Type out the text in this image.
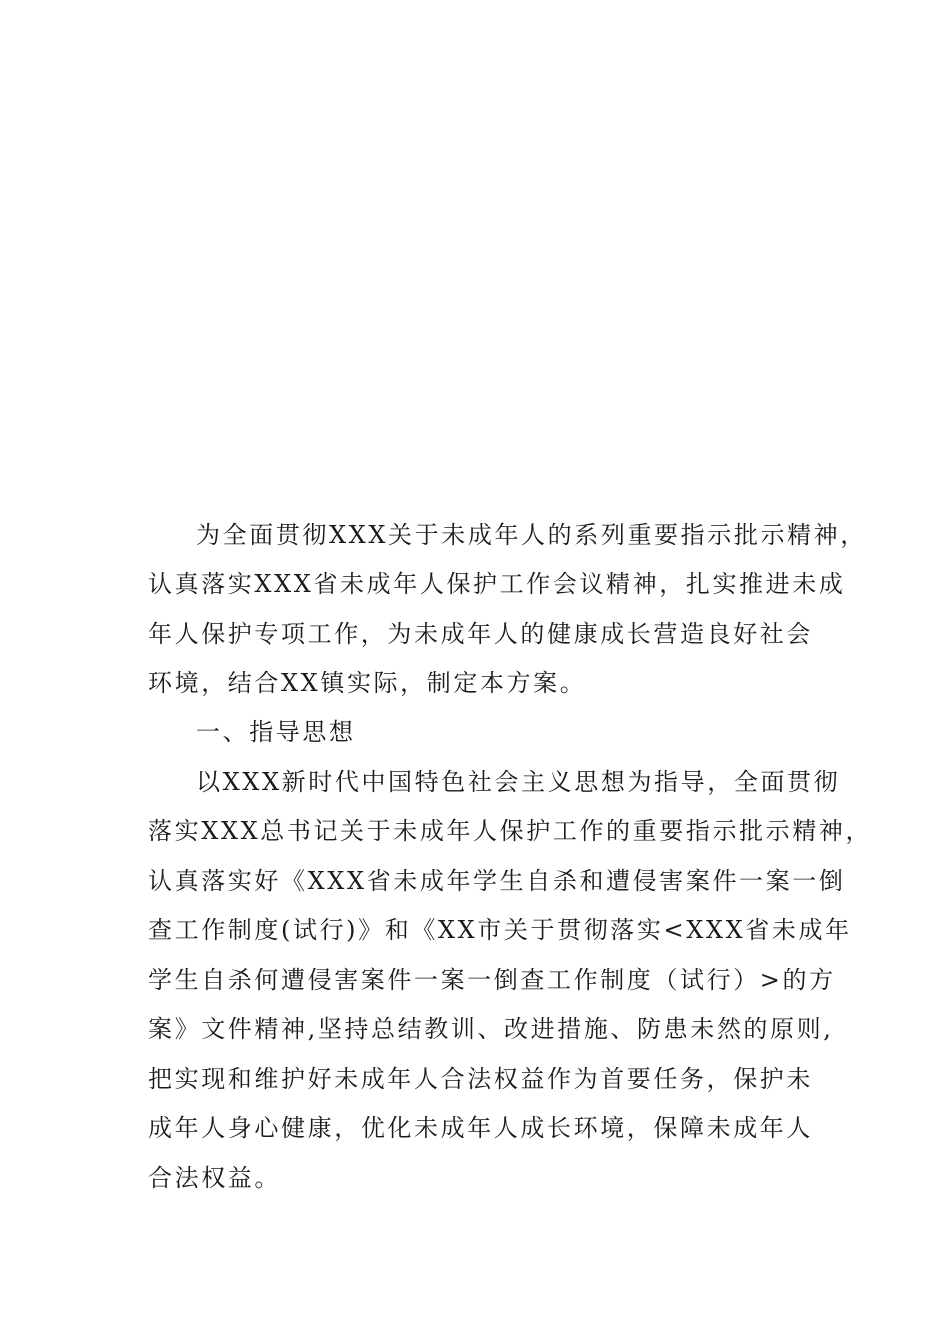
为全面贯彻XXX关于未成年人的系列重要指示批示精神，
认真落实XXX省未成年人保护工作会议精神，扎实推进未成
年人保护专项工作，为未成年人的健康成长营造良好社会
环境，结合XX镇实际，制定本方案。
一、指导思想
以XXX新时代中国特色社会主义思想为指导，全面贯彻
落实XXX总书记关于未成年人保护工作的重要指示批示精神，
认真落实好《XXX省未成年学生自杀和遭侵害案件一案一倒
查工作制度(试行)》和《XX市关于贯彻落实<XXX省未成年
学生自杀何遭侵害案件一案一倒查工作制度（试行）>的方
案》文件精神,坚持总结教训、改进措施、防患未然的原则,
把实现和维护好未成年人合法权益作为首要任务，保护未
成年人身心健康，优化未成年人成长环境，保障未成年人
合法权益。
